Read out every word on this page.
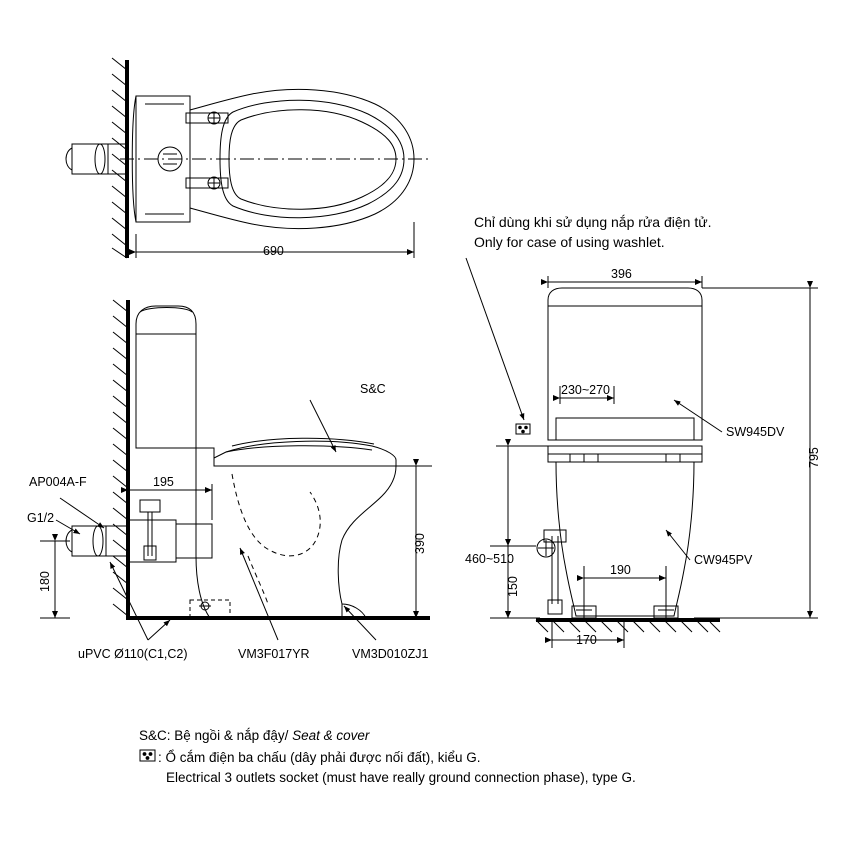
690
Chỉ dùng khi sử dụng nắp rửa điện tử.
Only for case of using washlet.
S&C
AP004A-F
G1/2
uPVC Ø110(C1,C2)	VM3F017YR	VM3D010ZJ1
195
390
180
396
230~270
795
460~510
150
190
170
SW945DV
CW945PV

S&C: Bệ ngồi & nắp đậy/ Seat & cover

: Ổ cắm điện ba chấu (dây phải được nối đất), kiểu G.
Electrical 3 outlets socket (must have really ground connection phase), type G.
